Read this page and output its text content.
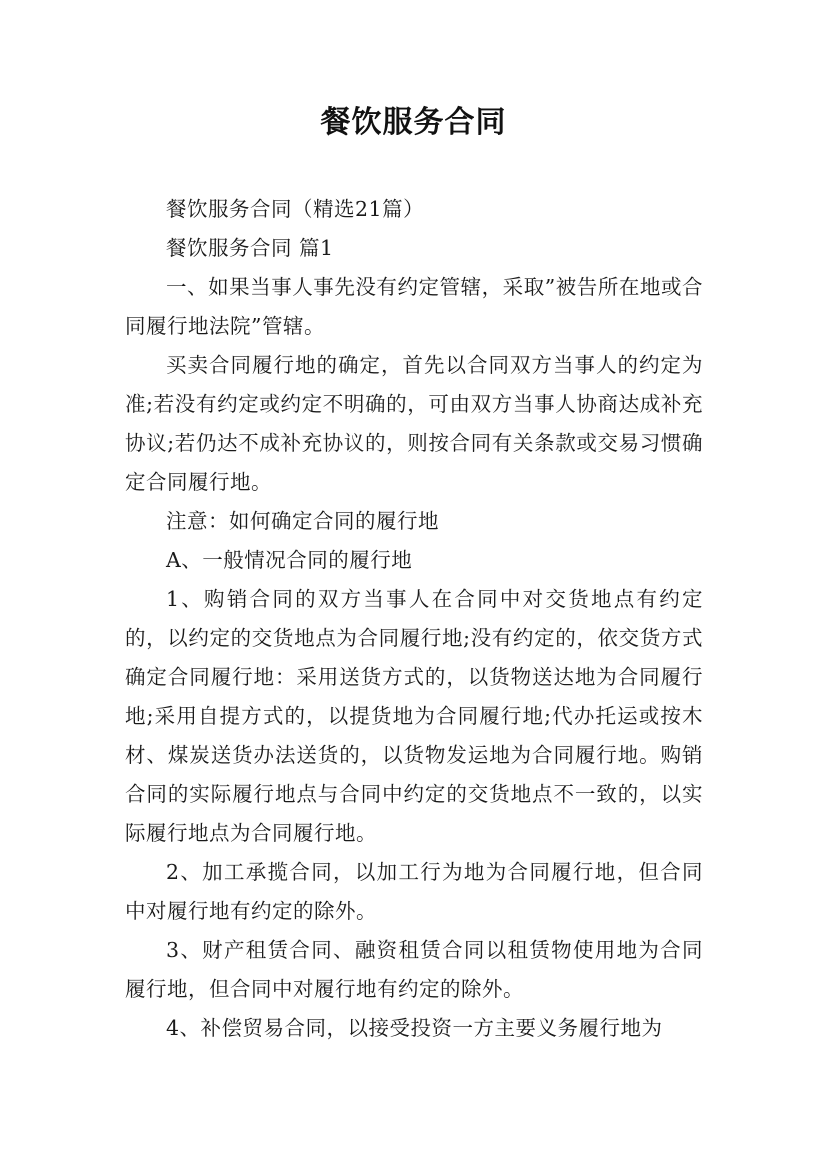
餐饮服务合同

餐饮服务合同（精选21篇）

餐饮服务合同 篇1

一、如果当事人事先没有约定管辖，采取”被告所在地或合同履行地法院”管辖。

买卖合同履行地的确定，首先以合同双方当事人的约定为准;若没有约定或约定不明确的，可由双方当事人协商达成补充协议;若仍达不成补充协议的，则按合同有关条款或交易习惯确定合同履行地。

注意：如何确定合同的履行地

A、一般情况合同的履行地

1、购销合同的双方当事人在合同中对交货地点有约定的，以约定的交货地点为合同履行地;没有约定的，依交货方式确定合同履行地：采用送货方式的，以货物送达地为合同履行地;采用自提方式的，以提货地为合同履行地;代办托运或按木材、煤炭送货办法送货的，以货物发运地为合同履行地。购销合同的实际履行地点与合同中约定的交货地点不一致的，以实际履行地点为合同履行地。

2、加工承揽合同，以加工行为地为合同履行地，但合同中对履行地有约定的除外。

3、财产租赁合同、融资租赁合同以租赁物使用地为合同履行地，但合同中对履行地有约定的除外。

4、补偿贸易合同，以接受投资一方主要义务履行地为
